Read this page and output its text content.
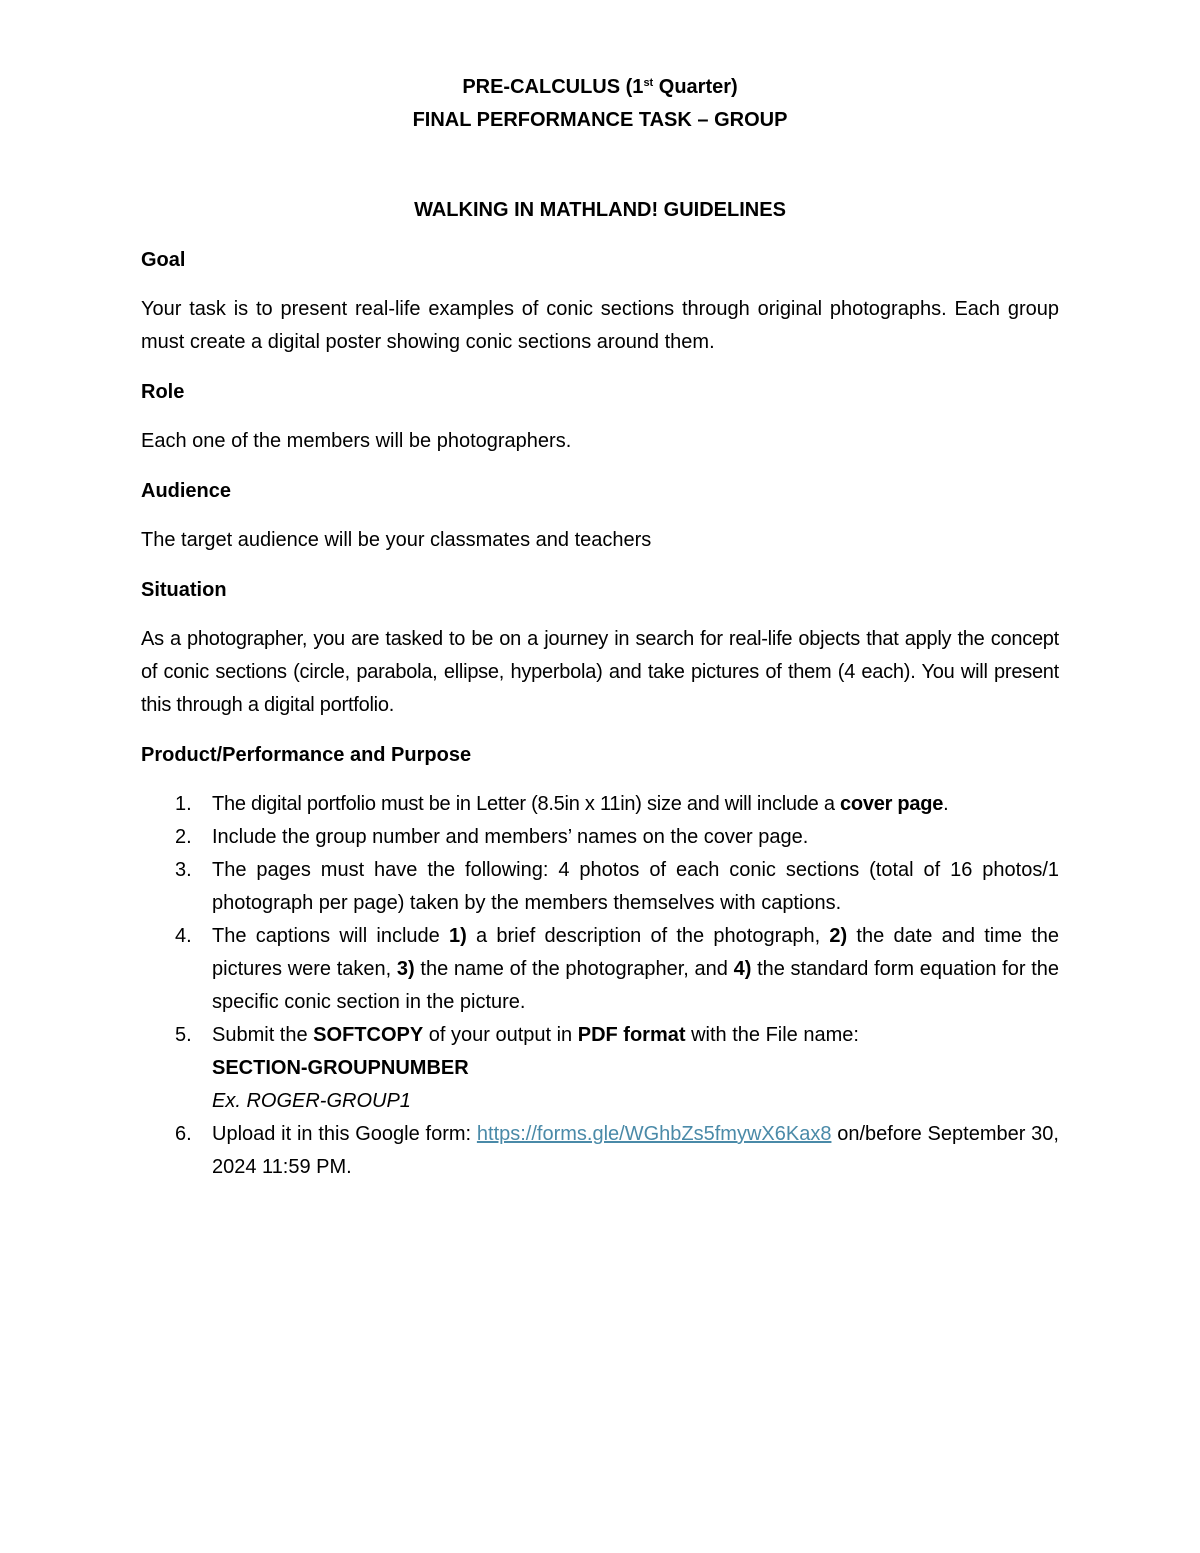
PRE-CALCULUS (1st Quarter)

FINAL PERFORMANCE TASK – GROUP

WALKING IN MATHLAND! GUIDELINES

Goal

Your task is to present real-life examples of conic sections through original photographs. Each group must create a digital poster showing conic sections around them.

Role

Each one of the members will be photographers.

Audience

The target audience will be your classmates and teachers

Situation

As a photographer, you are tasked to be on a journey in search for real-life objects that apply the concept of conic sections (circle, parabola, ellipse, hyperbola) and take pictures of them (4 each). You will present this through a digital portfolio.

Product/Performance and Purpose

1. The digital portfolio must be in Letter (8.5in x 11in) size and will include a cover page.
2. Include the group number and members’ names on the cover page.
3. The pages must have the following: 4 photos of each conic sections (total of 16 photos/1 photograph per page) taken by the members themselves with captions.
4. The captions will include 1) a brief description of the photograph, 2) the date and time the pictures were taken, 3) the name of the photographer, and 4) the standard form equation for the specific conic section in the picture.
5. Submit the SOFTCOPY of your output in PDF format with the File name:
SECTION-GROUPNUMBER
Ex. ROGER-GROUP1
6. Upload it in this Google form: https://forms.gle/WGhbZs5fmywX6Kax8 on/before September 30, 2024 11:59 PM.
